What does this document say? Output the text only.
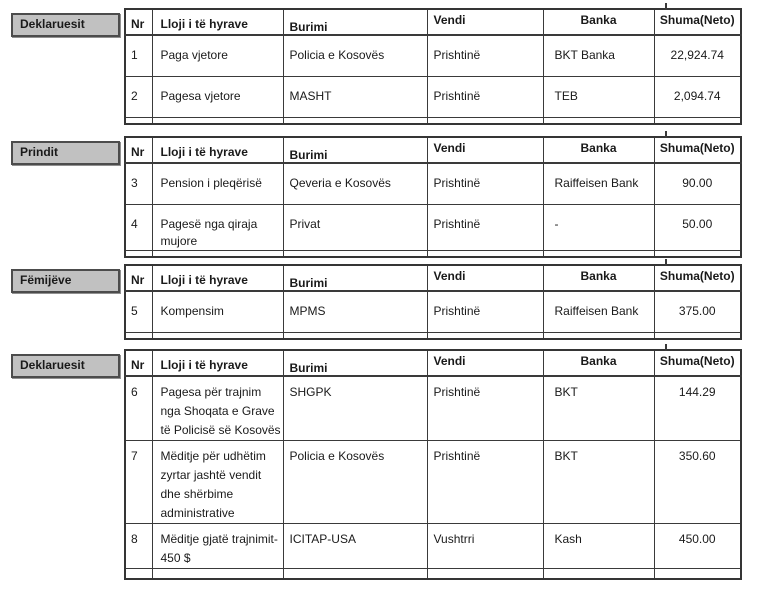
Deklaruesit	Nr	Lloji i të hyrave	Burimi	Vendi	Banka	Shuma(Neto)
1	Paga vjetore	Policia e Kosovës	Prishtinë	BKT Banka	22,924.74
2	Pagesa vjetore	MASHT	Prishtinë	TEB	2,094.74

Prindit	Nr	Lloji i të hyrave	Burimi	Vendi	Banka	Shuma(Neto)
3	Pension i pleqërisë	Qeveria e Kosovës	Prishtinë	Raiffeisen Bank	90.00
4	Pagesë nga qiraja mujore	Privat	Prishtinë	-	50.00

Fëmijëve	Nr	Lloji i të hyrave	Burimi	Vendi	Banka	Shuma(Neto)
5	Kompensim	MPMS	Prishtinë	Raiffeisen Bank	375.00

Deklaruesit	Nr	Lloji i të hyrave	Burimi	Vendi	Banka	Shuma(Neto)
6	Pagesa për trajnim nga Shoqata e Grave të Policisë së Kosovës	SHGPK	Prishtinë	BKT	144.29
7	Mëditje për udhëtim zyrtar jashtë vendit dhe shërbime administrative	Policia e Kosovës	Prishtinë	BKT	350.60
8	Mëditje gjatë trajnimit-450 $	ICITAP-USA	Vushtrri	Kash	450.00
